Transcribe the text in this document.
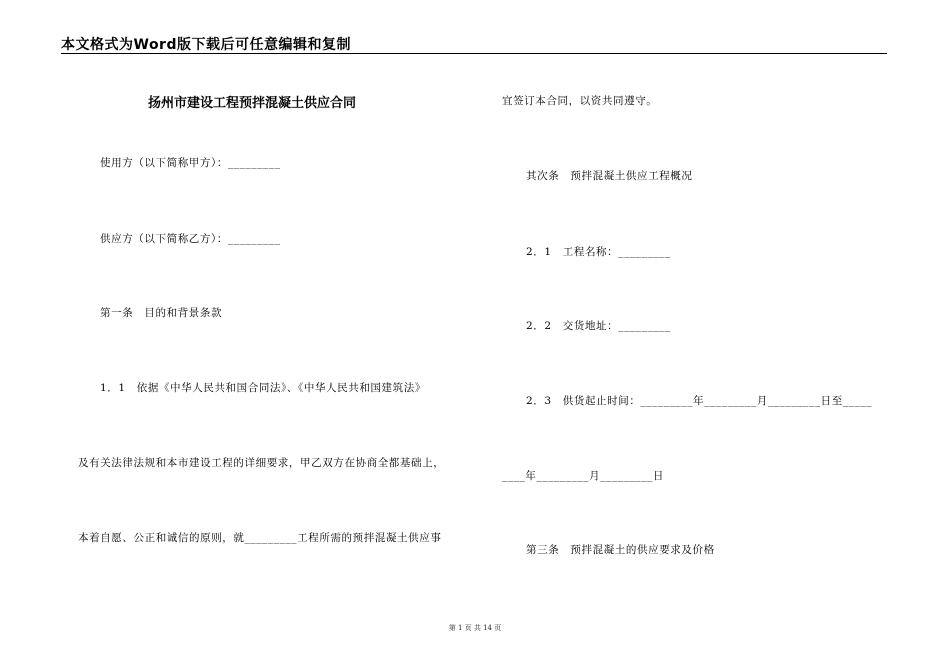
本文格式为Word版下载后可任意编辑和复制
扬州市建设工程预拌混凝土供应合同
使用方（以下简称甲方）：_________
供应方（以下简称乙方）：_________
第一条　目的和背景条款
1．1　依据《中华人民共和国合同法》、《中华人民共和国建筑法》
及有关法律法规和本市建设工程的详细要求，甲乙双方在协商全都基础上，
本着自愿、公正和诚信的原则，就_________工程所需的预拌混凝土供应事
宜签订本合同，以资共同遵守。
其次条　预拌混凝土供应工程概况
2．1　工程名称：_________
2．2　交货地址：_________
2．3　供货起止时间：_________年_________月_________日至_____
____年_________月_________日
第三条　预拌混凝土的供应要求及价格
第 1 页 共 14 页
